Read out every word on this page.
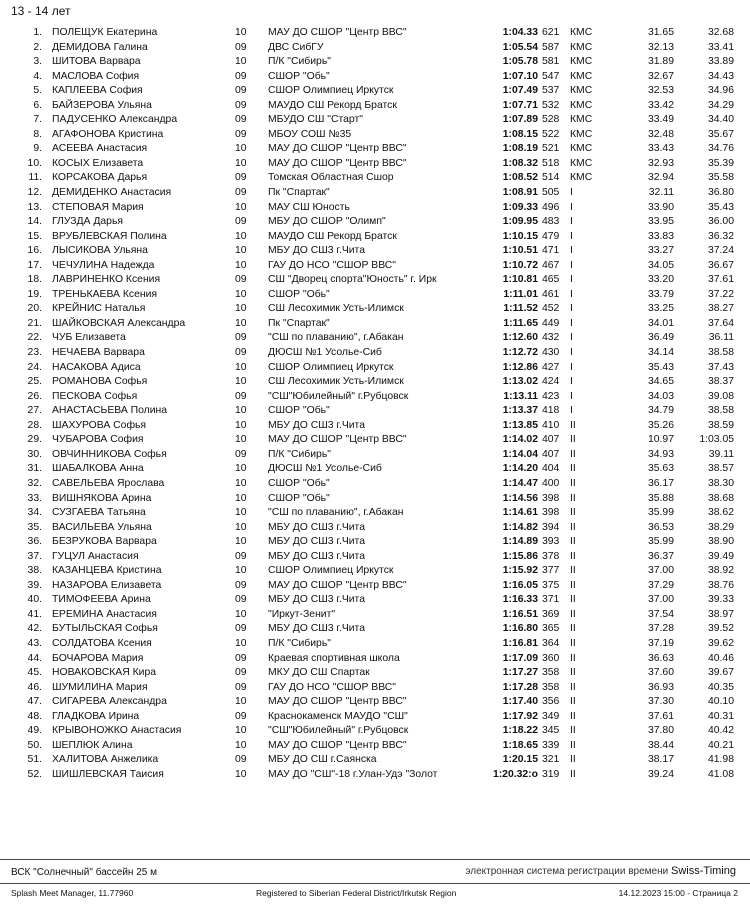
13 - 14 лет
1. ПОЛЕЩУК Екатерина	10	МАУ ДО СШОР "Центр ВВС"	1:04.33 621	КМС	31.65	32.68
2. ДЕМИДОВА Галина	09	ДВС СибГУ	1:05.54 587	КМС	32.13	33.41
3. ШИТОВА Варвара	10	П/К "Сибирь"	1:05.78 581	КМС	31.89	33.89
4. МАСЛОВА София	09	СШОР "Обь"	1:07.10 547	КМС	32.67	34.43
5. КАПЛЕЕВА София	09	СШОР Олимпиец Иркутск	1:07.49 537	КМС	32.53	34.96
6. БАЙЗЕРОВА Ульяна	09	МАУДО СШ Рекорд Братск	1:07.71 532	КМС	33.42	34.29
7. ПАДУСЕНКО Александра	09	МБУДО СШ "Старт"	1:07.89 528	КМС	33.49	34.40
8. АГАФОНОВА Кристина	09	МБОУ СОШ №35	1:08.15 522	КМС	32.48	35.67
9. АСЕЕВА Анастасия	10	МАУ ДО СШОР "Центр ВВС"	1:08.19 521	КМС	33.43	34.76
10. КОСЫХ Елизавета	10	МАУ ДО СШОР "Центр ВВС"	1:08.32 518	КМС	32.93	35.39
11. КОРСАКОВА Дарья	09	Томская Областная Сшор	1:08.52 514	КМС	32.94	35.58
12. ДЕМИДЕНКО Анастасия	09	Пк "Спартак"	1:08.91 505	I	32.11	36.80
13. СТЕПОВАЯ Мария	10	МАУ СШ Юность	1:09.33 496	I	33.90	35.43
14. ГЛУЗДА Дарья	09	МБУ ДО СШОР "Олимп"	1:09.95 483	I	33.95	36.00
15. ВРУБЛЕВСКАЯ Полина	10	МАУДО СШ Рекорд Братск	1:10.15 479	I	33.83	36.32
16. ЛЫСИКОВА Ульяна	10	МБУ ДО СШ3 г.Чита	1:10.51 471	I	33.27	37.24
17. ЧЕЧУЛИНА Надежда	10	ГАУ ДО НСО "СШОР ВВС"	1:10.72 467	I	34.05	36.67
18. ЛАВРИНЕНКО Ксения	09	СШ "Дворец спорта"Юность" г. Ирк	1:10.81 465	I	33.20	37.61
19. ТРЕНЬКАЕВА Ксения	10	СШОР "Обь"	1:11.01 461	I	33.79	37.22
20. КРЕЙНИС Наталья	10	СШ Лесохимик Усть-Илимск	1:11.52 452	I	33.25	38.27
21. ШАЙКОВСКАЯ Александра	10	Пк "Спартак"	1:11.65 449	I	34.01	37.64
22. ЧУБ Елизавета	09	"СШ по плаванию", г.Абакан	1:12.60 432	I	36.49	36.11
23. НЕЧАЕВА Варвара	09	ДЮСШ №1 Усолье-Сиб	1:12.72 430	I	34.14	38.58
24. НАСАКОВА Адиса	10	СШОР Олимпиец Иркутск	1:12.86 427	I	35.43	37.43
25. РОМАНОВА Софья	10	СШ Лесохимик Усть-Илимск	1:13.02 424	I	34.65	38.37
26. ПЕСКОВА Софья	09	"СШ"Юбилейный" г.Рубцовск	1:13.11 423	I	34.03	39.08
27. АНАСТАСЬЕВА Полина	10	СШОР "Обь"	1:13.37 418	I	34.79	38.58
28. ШАХУРОВА Софья	10	МБУ ДО СШ3 г.Чита	1:13.85 410	II	35.26	38.59
29. ЧУБАРОВА София	10	МАУ ДО СШОР "Центр ВВС"	1:14.02 407	II	10.97	1:03.05
30. ОВЧИННИКОВА Софья	09	П/К "Сибирь"	1:14.04 407	II	34.93	39.11
31. ШАБАЛКОВА Анна	10	ДЮСШ №1 Усолье-Сиб	1:14.20 404	II	35.63	38.57
32. САВЕЛЬЕВА Ярослава	10	СШОР "Обь"	1:14.47 400	II	36.17	38.30
33. ВИШНЯКОВА Арина	10	СШОР "Обь"	1:14.56 398	II	35.88	38.68
34. СУЗГАЕВА Татьяна	10	"СШ по плаванию", г.Абакан	1:14.61 398	II	35.99	38.62
35. ВАСИЛЬЕВА Ульяна	10	МБУ ДО СШ3 г.Чита	1:14.82 394	II	36.53	38.29
36. БЕЗРУКОВА Варвара	10	МБУ ДО СШ3 г.Чита	1:14.89 393	II	35.99	38.90
37. ГУЦУЛ Анастасия	09	МБУ ДО СШ3 г.Чита	1:15.86 378	II	36.37	39.49
38. КАЗАНЦЕВА Кристина	10	СШОР Олимпиец Иркутск	1:15.92 377	II	37.00	38.92
39. НАЗАРОВА Елизавета	09	МАУ ДО СШОР "Центр ВВС"	1:16.05 375	II	37.29	38.76
40. ТИМОФЕЕВА Арина	09	МБУ ДО СШ3 г.Чита	1:16.33 371	II	37.00	39.33
41. ЕРЕМИНА Анастасия	10	"Иркут-Зенит"	1:16.51 369	II	37.54	38.97
42. БУТЫЛЬСКАЯ Софья	09	МБУ ДО СШ3 г.Чита	1:16.80 365	II	37.28	39.52
43. СОЛДАТОВА Ксения	10	П/К "Сибирь"	1:16.81 364	II	37.19	39.62
44. БОЧАРОВА Мария	09	Краевая спортивная школа	1:17.09 360	II	36.63	40.46
45. НОВАКОВСКАЯ Кира	09	МКУ ДО СШ Спартак	1:17.27 358	II	37.60	39.67
46. ШУМИЛИНА Мария	09	ГАУ ДО НСО "СШОР ВВС"	1:17.28 358	II	36.93	40.35
47. СИГАРЕВА Александра	10	МАУ ДО СШОР "Центр ВВС"	1:17.40 356	II	37.30	40.10
48. ГЛАДКОВА Ирина	09	Краснокаменск МАУДО "СШ"	1:17.92 349	II	37.61	40.31
49. КРЫВОНОЖКО Анастасия	10	"СШ"Юбилейный" г.Рубцовск	1:18.22 345	II	37.80	40.42
50. ШЕПЛЮК Алина	10	МАУ ДО СШОР "Центр ВВС"	1:18.65 339	II	38.44	40.21
51. ХАЛИТОВА Анжелика	09	МБУ ДО СШ г.Саянска	1:20.15 321	II	38.17	41.98
52. ШИШЛЕВСКАЯ Таисия	10	МАУ ДО "СШ"-18 г.Улан-Удэ "Золот	1:20.32:о 319	II	39.24	41.08
ВСК "Солнечный" бассейн 25 м	электронная система регистрации времени Swiss-Timing
Splash Meet Manager, 11.77960	Registered to Siberian Federal District/Irkutsk Region	14.12.2023 15:00 - Страница 2
